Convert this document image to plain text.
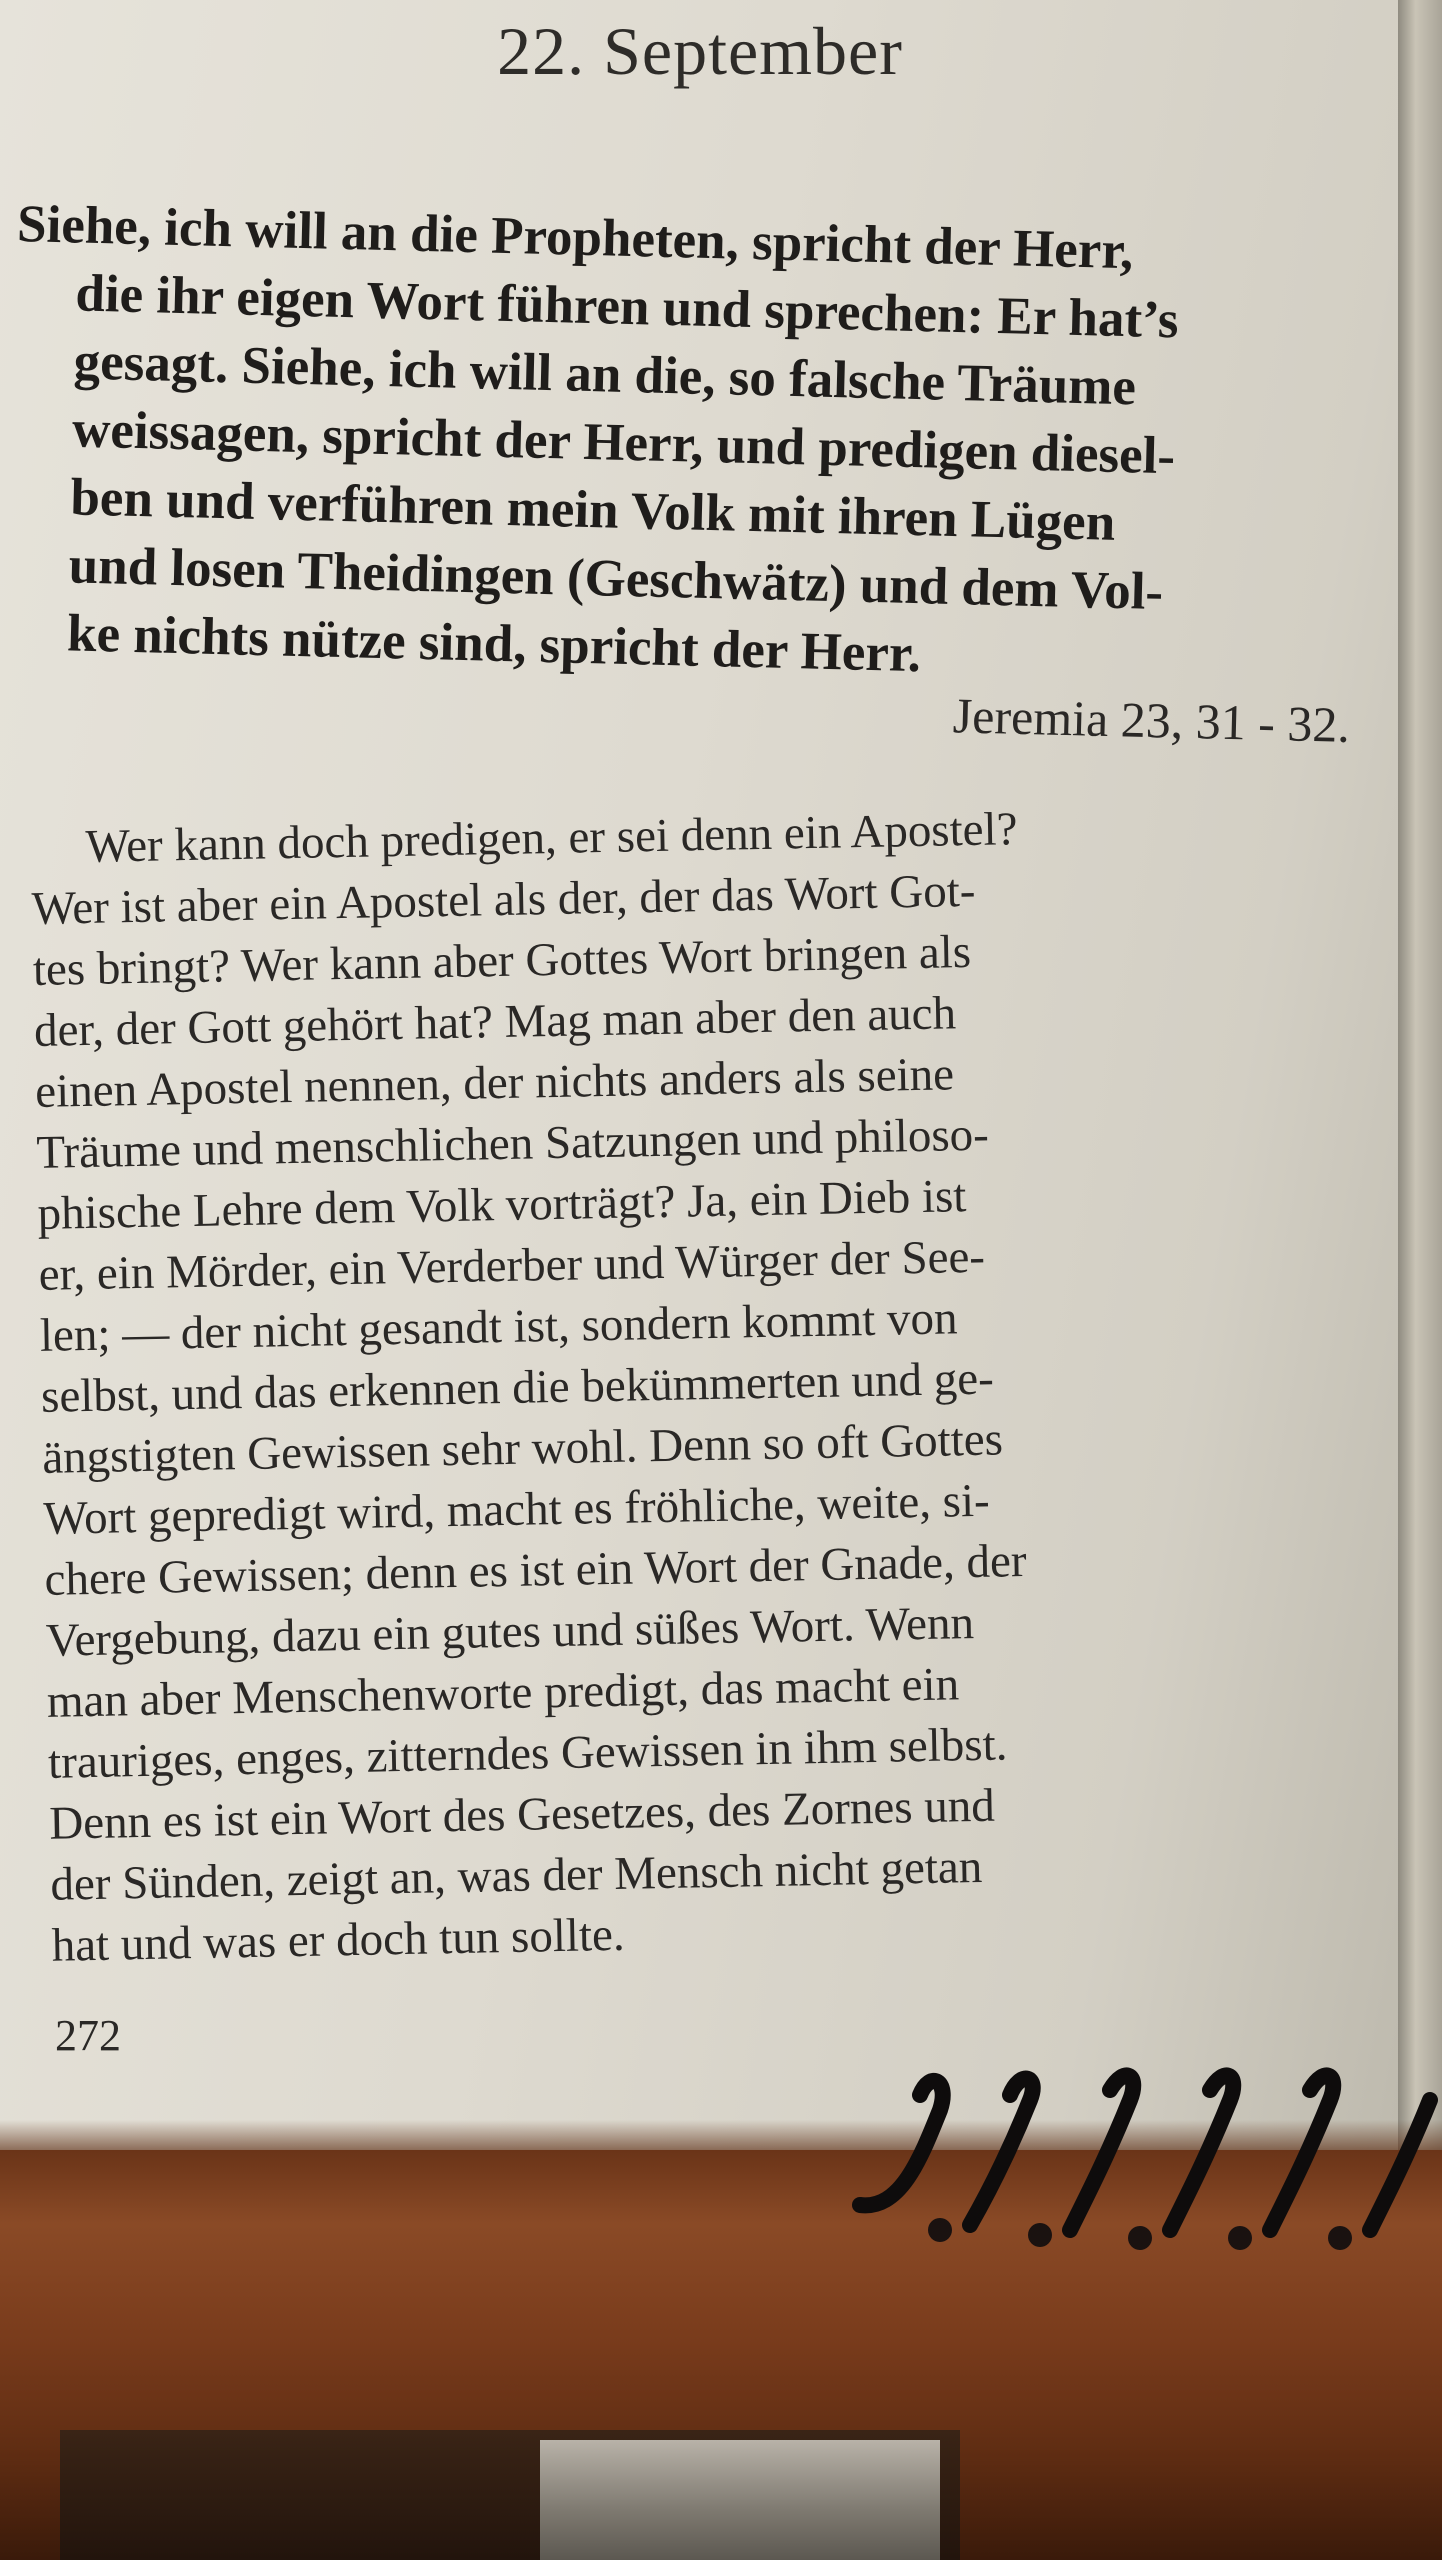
22. September
Siehe, ich will an die Propheten, spricht der Herr,
die ihr eigen Wort führen und sprechen: Er hat’s
gesagt. Siehe, ich will an die, so falsche Träume
weissagen, spricht der Herr, und predigen diesel-
ben und verführen mein Volk mit ihren Lügen
und losen Theidingen (Geschwätz) und dem Vol-
ke nichts nütze sind, spricht der Herr.
Jeremia 23, 31 - 32.
Wer kann doch predigen, er sei denn ein Apostel?
Wer ist aber ein Apostel als der, der das Wort Got-
tes bringt? Wer kann aber Gottes Wort bringen als
der, der Gott gehört hat? Mag man aber den auch
einen Apostel nennen, der nichts anders als seine
Träume und menschlichen Satzungen und philoso-
phische Lehre dem Volk vorträgt? Ja, ein Dieb ist
er, ein Mörder, ein Verderber und Würger der See-
len; — der nicht gesandt ist, sondern kommt von
selbst, und das erkennen die bekümmerten und ge-
ängstigten Gewissen sehr wohl. Denn so oft Gottes
Wort gepredigt wird, macht es fröhliche, weite, si-
chere Gewissen; denn es ist ein Wort der Gnade, der
Vergebung, dazu ein gutes und süßes Wort. Wenn
man aber Menschenworte predigt, das macht ein
trauriges, enges, zitterndes Gewissen in ihm selbst.
Denn es ist ein Wort des Gesetzes, des Zornes und
der Sünden, zeigt an, was der Mensch nicht getan
hat und was er doch tun sollte.
272
